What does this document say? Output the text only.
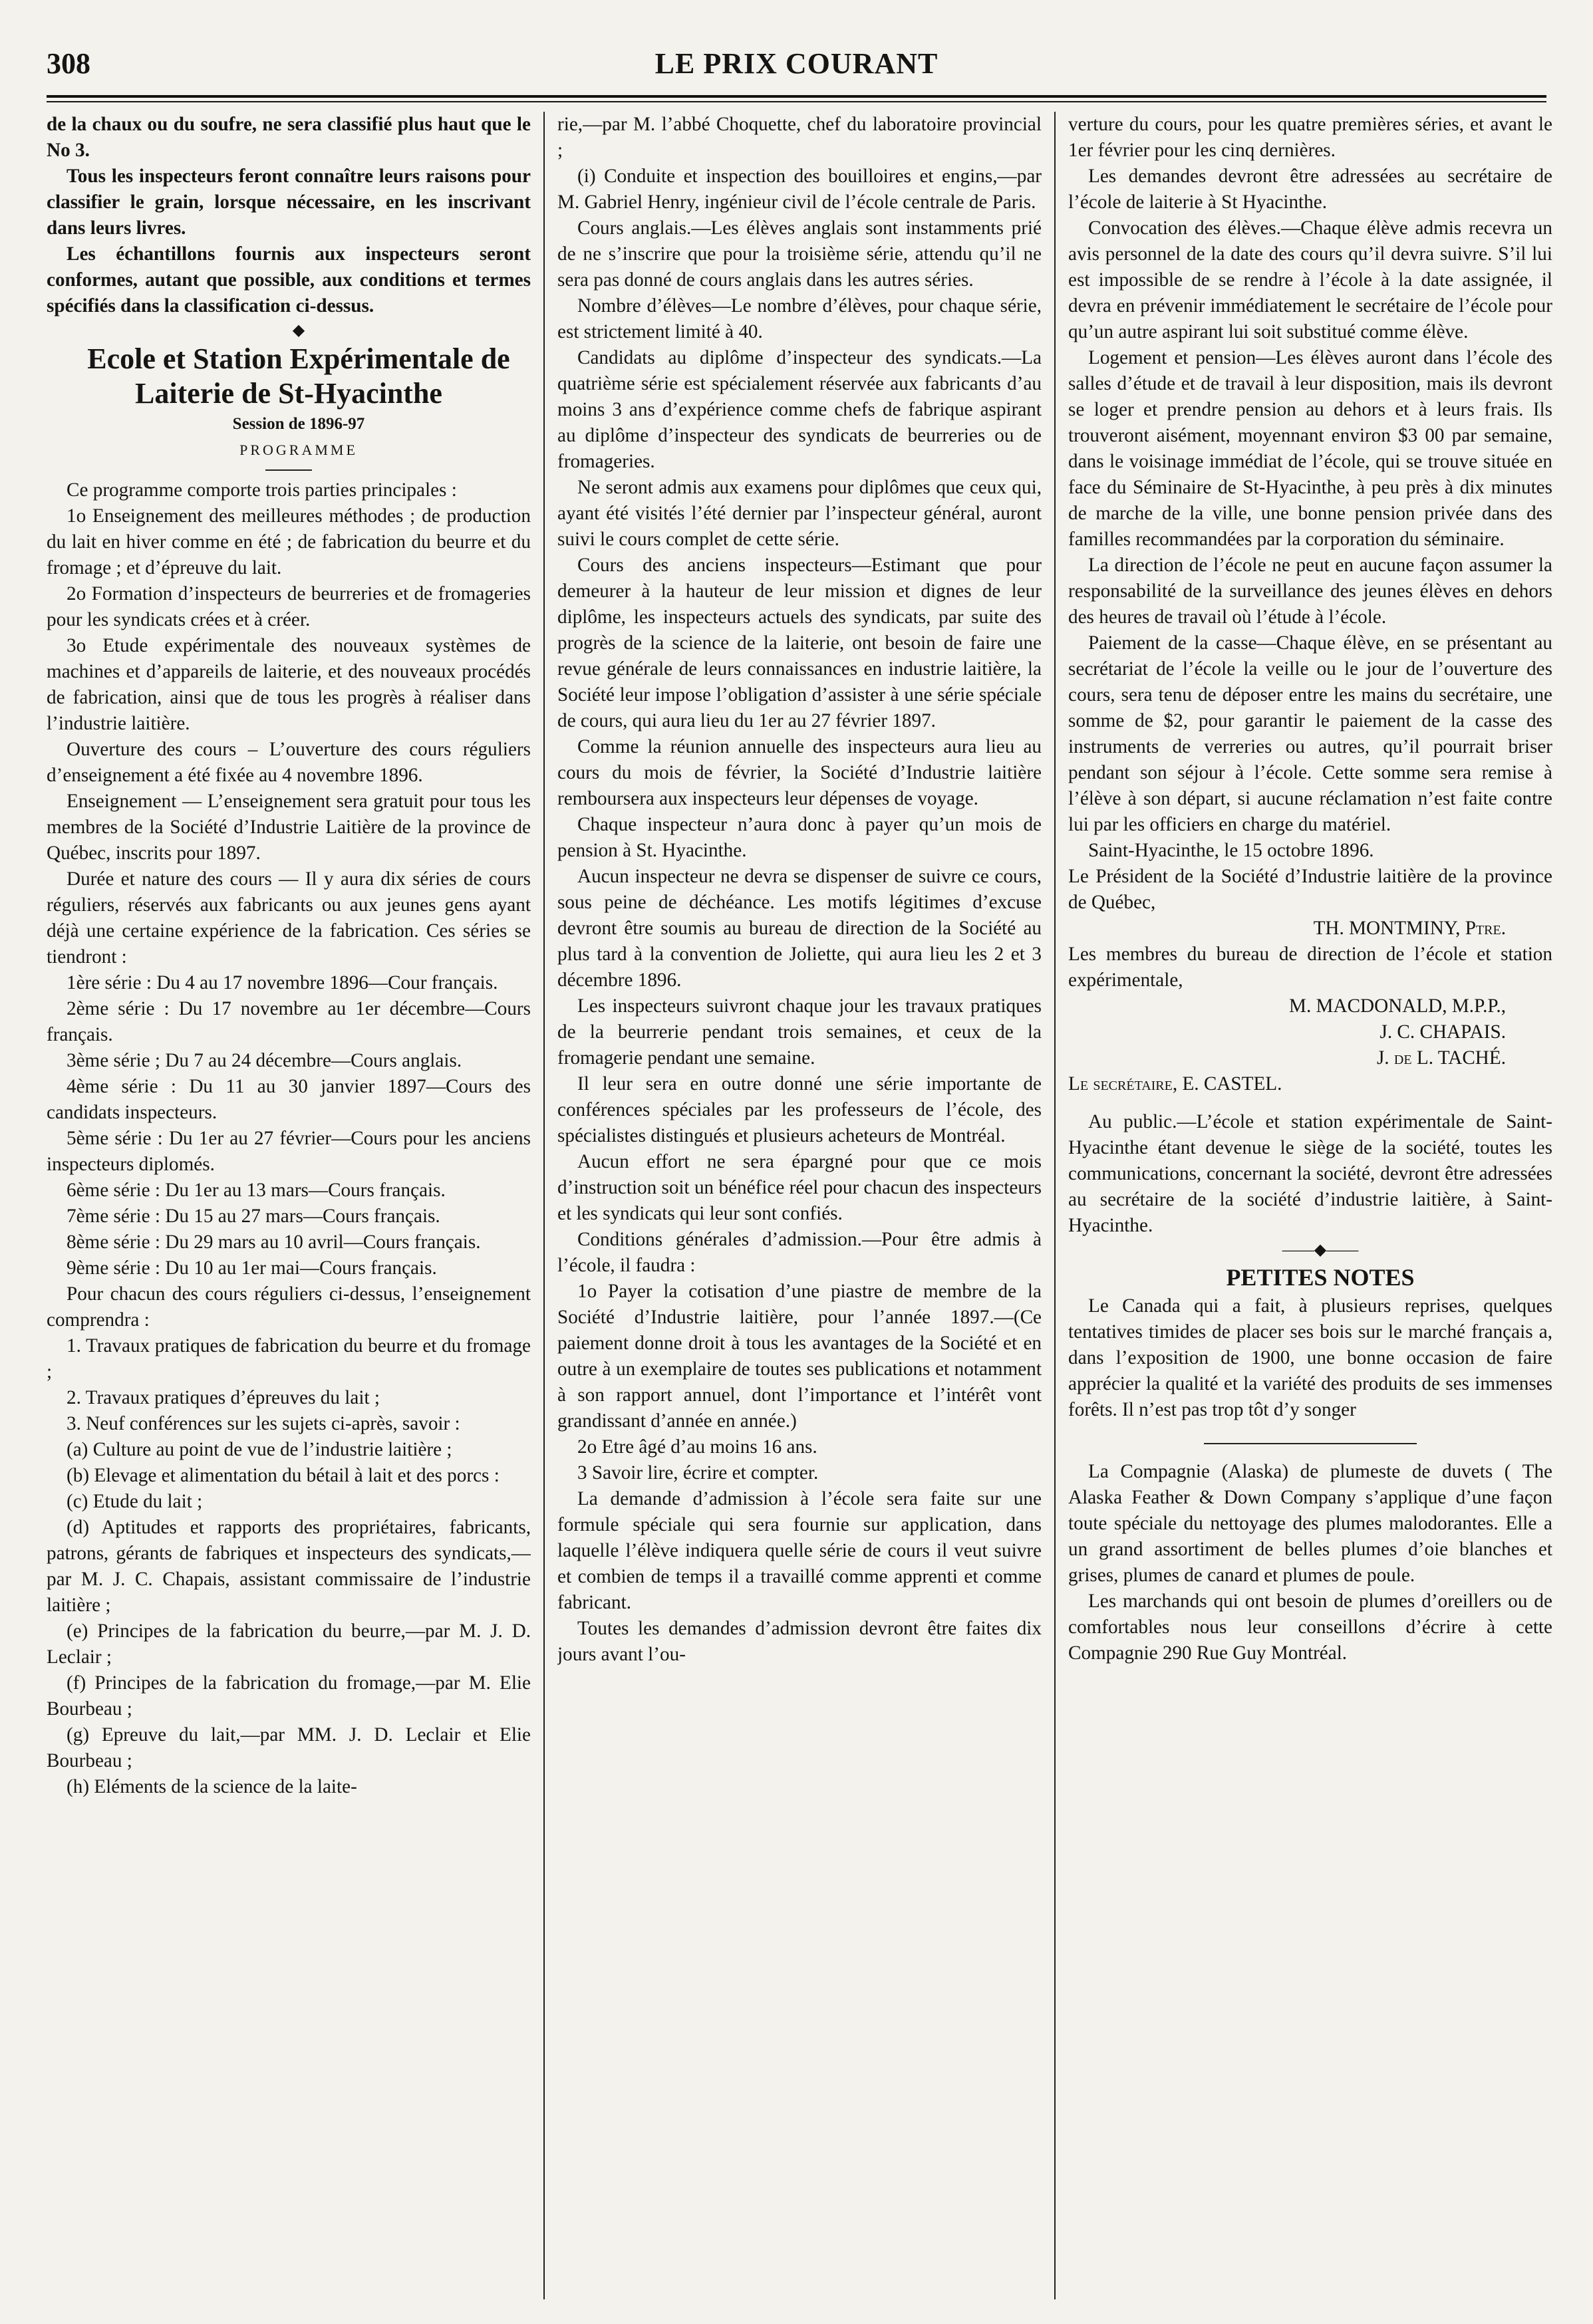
308	LE PRIX COURANT

de la chaux ou du soufre, ne sera classifié plus haut que le No 3.

Tous les inspecteurs feront connaître leurs raisons pour classifier le grain, lorsque nécessaire, en les inscrivant dans leurs livres.

Les échantillons fournis aux inspecteurs seront conformes, autant que possible, aux conditions et termes spécifiés dans la classification ci-dessus.

◆

Ecole et Station Expérimentale de Laiterie de St-Hyacinthe

Session de 1896-97

PROGRAMME

Ce programme comporte trois parties principales :

1o Enseignement des meilleures méthodes ; de production du lait en hiver comme en été ; de fabrication du beurre et du fromage ; et d’épreuve du lait.

2o Formation d’inspecteurs de beurreries et de fromageries pour les syndicats crées et à créer.

3o Etude expérimentale des nouveaux systèmes de machines et d’appareils de laiterie, et des nouveaux procédés de fabrication, ainsi que de tous les progrès à réaliser dans l’industrie laitière.

Ouverture des cours – L’ouverture des cours réguliers d’enseignement a été fixée au 4 novembre 1896.

Enseignement — L’enseignement sera gratuit pour tous les membres de la Société d’Industrie Laitière de la province de Québec, inscrits pour 1897.

Durée et nature des cours — Il y aura dix séries de cours réguliers, réservés aux fabricants ou aux jeunes gens ayant déjà une certaine expérience de la fabrication. Ces séries se tiendront :

1ère série : Du 4 au 17 novembre 1896—Cour français.

2ème série : Du 17 novembre au 1er décembre—Cours français.

3ème série ; Du 7 au 24 décembre—Cours anglais.

4ème série : Du 11 au 30 janvier 1897—Cours des candidats inspecteurs.

5ème série : Du 1er au 27 février—Cours pour les anciens inspecteurs diplomés.

6ème série : Du 1er au 13 mars—Cours français.

7ème série : Du 15 au 27 mars—Cours français.

8ème série : Du 29 mars au 10 avril—Cours français.

9ème série : Du 10 au 1er mai—Cours français.

Pour chacun des cours réguliers ci-dessus, l’enseignement comprendra :

1. Travaux pratiques de fabrication du beurre et du fromage ;

2. Travaux pratiques d’épreuves du lait ;

3. Neuf conférences sur les sujets ci-après, savoir :

(a) Culture au point de vue de l’industrie laitière ;

(b) Elevage et alimentation du bétail à lait et des porcs :

(c) Etude du lait ;

(d) Aptitudes et rapports des propriétaires, fabricants, patrons, gérants de fabriques et inspecteurs des syndicats,—par M. J. C. Chapais, assistant commissaire de l’industrie laitière ;

(e) Principes de la fabrication du beurre,—par M. J. D. Leclair ;

(f) Principes de la fabrication du fromage,—par M. Elie Bourbeau ;

(g) Epreuve du lait,—par MM. J. D. Leclair et Elie Bourbeau ;

(h) Eléments de la science de la laite-

rie,—par M. l’abbé Choquette, chef du laboratoire provincial ;

(i) Conduite et inspection des bouilloires et engins,—par M. Gabriel Henry, ingénieur civil de l’école centrale de Paris.

Cours anglais.—Les élèves anglais sont instamments prié de ne s’inscrire que pour la troisième série, attendu qu’il ne sera pas donné de cours anglais dans les autres séries.

Nombre d’élèves—Le nombre d’élèves, pour chaque série, est strictement limité à 40.

Candidats au diplôme d’inspecteur des syndicats.—La quatrième série est spécialement réservée aux fabricants d’au moins 3 ans d’expérience comme chefs de fabrique aspirant au diplôme d’inspecteur des syndicats de beurreries ou de fromageries.

Ne seront admis aux examens pour diplômes que ceux qui, ayant été visités l’été dernier par l’inspecteur général, auront suivi le cours complet de cette série.

Cours des anciens inspecteurs—Estimant que pour demeurer à la hauteur de leur mission et dignes de leur diplôme, les inspecteurs actuels des syndicats, par suite des progrès de la science de la laiterie, ont besoin de faire une revue générale de leurs connaissances en industrie laitière, la Société leur impose l’obligation d’assister à une série spéciale de cours, qui aura lieu du 1er au 27 février 1897.

Comme la réunion annuelle des inspecteurs aura lieu au cours du mois de février, la Société d’Industrie laitière remboursera aux inspecteurs leur dépenses de voyage.

Chaque inspecteur n’aura donc à payer qu’un mois de pension à St. Hyacinthe.

Aucun inspecteur ne devra se dispenser de suivre ce cours, sous peine de déchéance. Les motifs légitimes d’excuse devront être soumis au bureau de direction de la Société au plus tard à la convention de Joliette, qui aura lieu les 2 et 3 décembre 1896.

Les inspecteurs suivront chaque jour les travaux pratiques de la beurrerie pendant trois semaines, et ceux de la fromagerie pendant une semaine.

Il leur sera en outre donné une série importante de conférences spéciales par les professeurs de l’école, des spécialistes distingués et plusieurs acheteurs de Montréal.

Aucun effort ne sera épargné pour que ce mois d’instruction soit un bénéfice réel pour chacun des inspecteurs et les syndicats qui leur sont confiés.

Conditions générales d’admission.—Pour être admis à l’école, il faudra :

1o Payer la cotisation d’une piastre de membre de la Société d’Industrie laitière, pour l’année 1897.—(Ce paiement donne droit à tous les avantages de la Société et en outre à un exemplaire de toutes ses publications et notamment à son rapport annuel, dont l’importance et l’intérêt vont grandissant d’année en année.)

2o Etre âgé d’au moins 16 ans.

3 Savoir lire, écrire et compter.

La demande d’admission à l’école sera faite sur une formule spéciale qui sera fournie sur application, dans laquelle l’élève indiquera quelle série de cours il veut suivre et combien de temps il a travaillé comme apprenti et comme fabricant.

Toutes les demandes d’admission devront être faites dix jours avant l’ou-

verture du cours, pour les quatre premières séries, et avant le 1er février pour les cinq dernières.

Les demandes devront être adressées au secrétaire de l’école de laiterie à St Hyacinthe.

Convocation des élèves.—Chaque élève admis recevra un avis personnel de la date des cours qu’il devra suivre. S’il lui est impossible de se rendre à l’école à la date assignée, il devra en prévenir immédiatement le secrétaire de l’école pour qu’un autre aspirant lui soit substitué comme élève.

Logement et pension—Les élèves auront dans l’école des salles d’étude et de travail à leur disposition, mais ils devront se loger et prendre pension au dehors et à leurs frais. Ils trouveront aisément, moyennant environ $3 00 par semaine, dans le voisinage immédiat de l’école, qui se trouve située en face du Séminaire de St-Hyacinthe, à peu près à dix minutes de marche de la ville, une bonne pension privée dans des familles recommandées par la corporation du séminaire.

La direction de l’école ne peut en aucune façon assumer la responsabilité de la surveillance des jeunes élèves en dehors des heures de travail où l’étude à l’école.

Paiement de la casse—Chaque élève, en se présentant au secrétariat de l’école la veille ou le jour de l’ouverture des cours, sera tenu de déposer entre les mains du secrétaire, une somme de $2, pour garantir le paiement de la casse des instruments de verreries ou autres, qu’il pourrait briser pendant son séjour à l’école. Cette somme sera remise à l’élève à son départ, si aucune réclamation n’est faite contre lui par les officiers en charge du matériel.

Saint-Hyacinthe, le 15 octobre 1896.

Le Président de la Société d’Industrie laitière de la province de Québec,

TH. MONTMINY, Ptre.

Les membres du bureau de direction de l’école et station expérimentale,

M. MACDONALD, M.P.P.,

J. C. CHAPAIS.

J. de L. TACHÉ.

Le secrétaire, E. CASTEL.

Au public.—L’école et station expérimentale de Saint-Hyacinthe étant devenue le siège de la société, toutes les communications, concernant la société, devront être adressées au secrétaire de la société d’industrie laitière, à Saint-Hyacinthe.

——◆——

PETITES NOTES

Le Canada qui a fait, à plusieurs reprises, quelques tentatives timides de placer ses bois sur le marché français a, dans l’exposition de 1900, une bonne occasion de faire apprécier la qualité et la variété des produits de ses immenses forêts. Il n’est pas trop tôt d’y songer

La Compagnie (Alaska) de plumeste de duvets ( The Alaska Feather & Down Company s’applique d’une façon toute spéciale du nettoyage des plumes malodorantes. Elle a un grand assortiment de belles plumes d’oie blanches et grises, plumes de canard et plumes de poule.

Les marchands qui ont besoin de plumes d’oreillers ou de comfortables nous leur conseillons d’écrire à cette Compagnie 290 Rue Guy Montréal.
